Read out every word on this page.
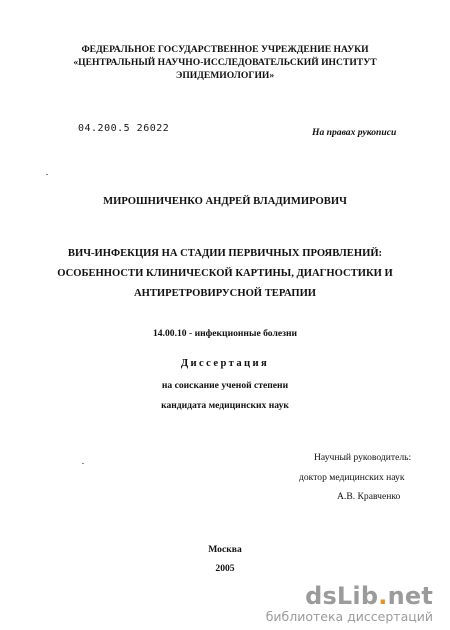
ФЕДЕРАЛЬНОЕ ГОСУДАРСТВЕННОЕ УЧРЕЖДЕНИЕ НАУКИ
«ЦЕНТРАЛЬНЫЙ НАУЧНО-ИССЛЕДОВАТЕЛЬСКИЙ ИНСТИТУТ
ЭПИДЕМИОЛОГИИ»
04.200.5 26022	На правах рукописи
МИРОШНИЧЕНКО АНДРЕЙ ВЛАДИМИРОВИЧ
ВИЧ-ИНФЕКЦИЯ НА СТАДИИ ПЕРВИЧНЫХ ПРОЯВЛЕНИЙ:
ОСОБЕННОСТИ КЛИНИЧЕСКОЙ КАРТИНЫ, ДИАГНОСТИКИ И
АНТИРЕТРОВИРУСНОЙ ТЕРАПИИ
14.00.10 - инфекционные болезни
Диссертация
на соискание ученой степени
кандидата медицинских наук
Научный руководитель:
доктор медицинских наук
А.В. Кравченко
Москва
2005
dsLib.net
библиотека диссертаций
